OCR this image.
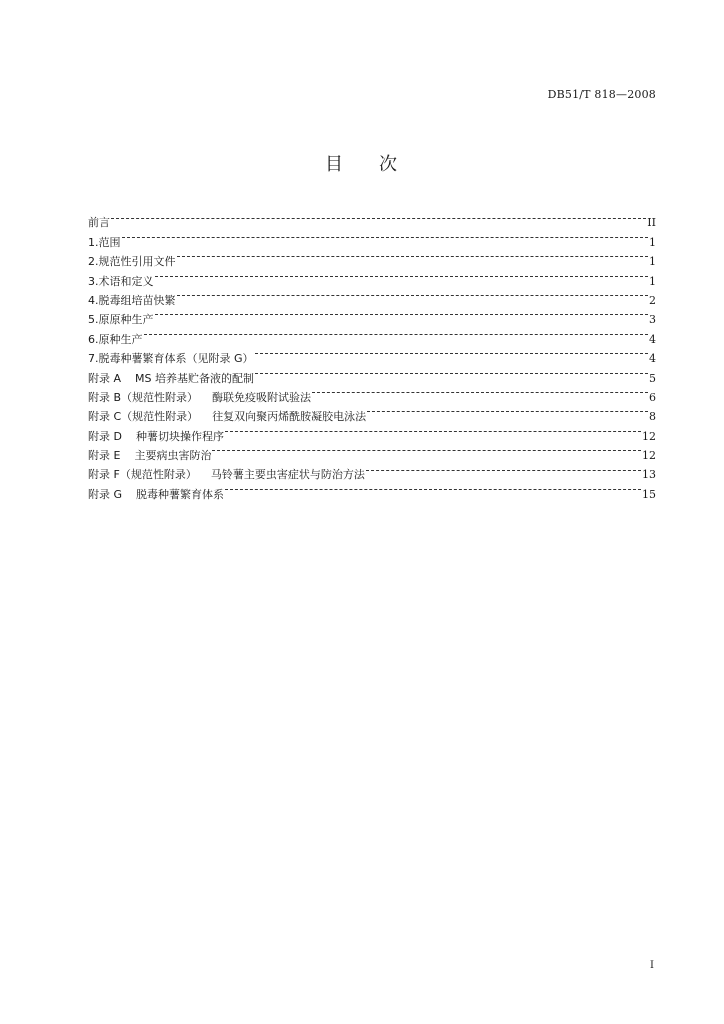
DB51/T 818—2008
目 次
前言	II
1.范围	1
2.规范性引用文件	1
3.术语和定义	1
4.脱毒组培苗快繁	2
5.原原种生产	3
6.原种生产	4
7.脱毒种薯繁育体系（见附录 G）	4
附录 A MS 培养基贮备液的配制	5
附录 B（规范性附录） 酶联免疫吸附试验法	6
附录 C（规范性附录） 往复双向聚丙烯酰胺凝胶电泳法	8
附录 D 种薯切块操作程序	12
附录 E 主要病虫害防治	12
附录 F（规范性附录） 马铃薯主要虫害症状与防治方法	13
附录 G 脱毒种薯繁育体系	15
I
